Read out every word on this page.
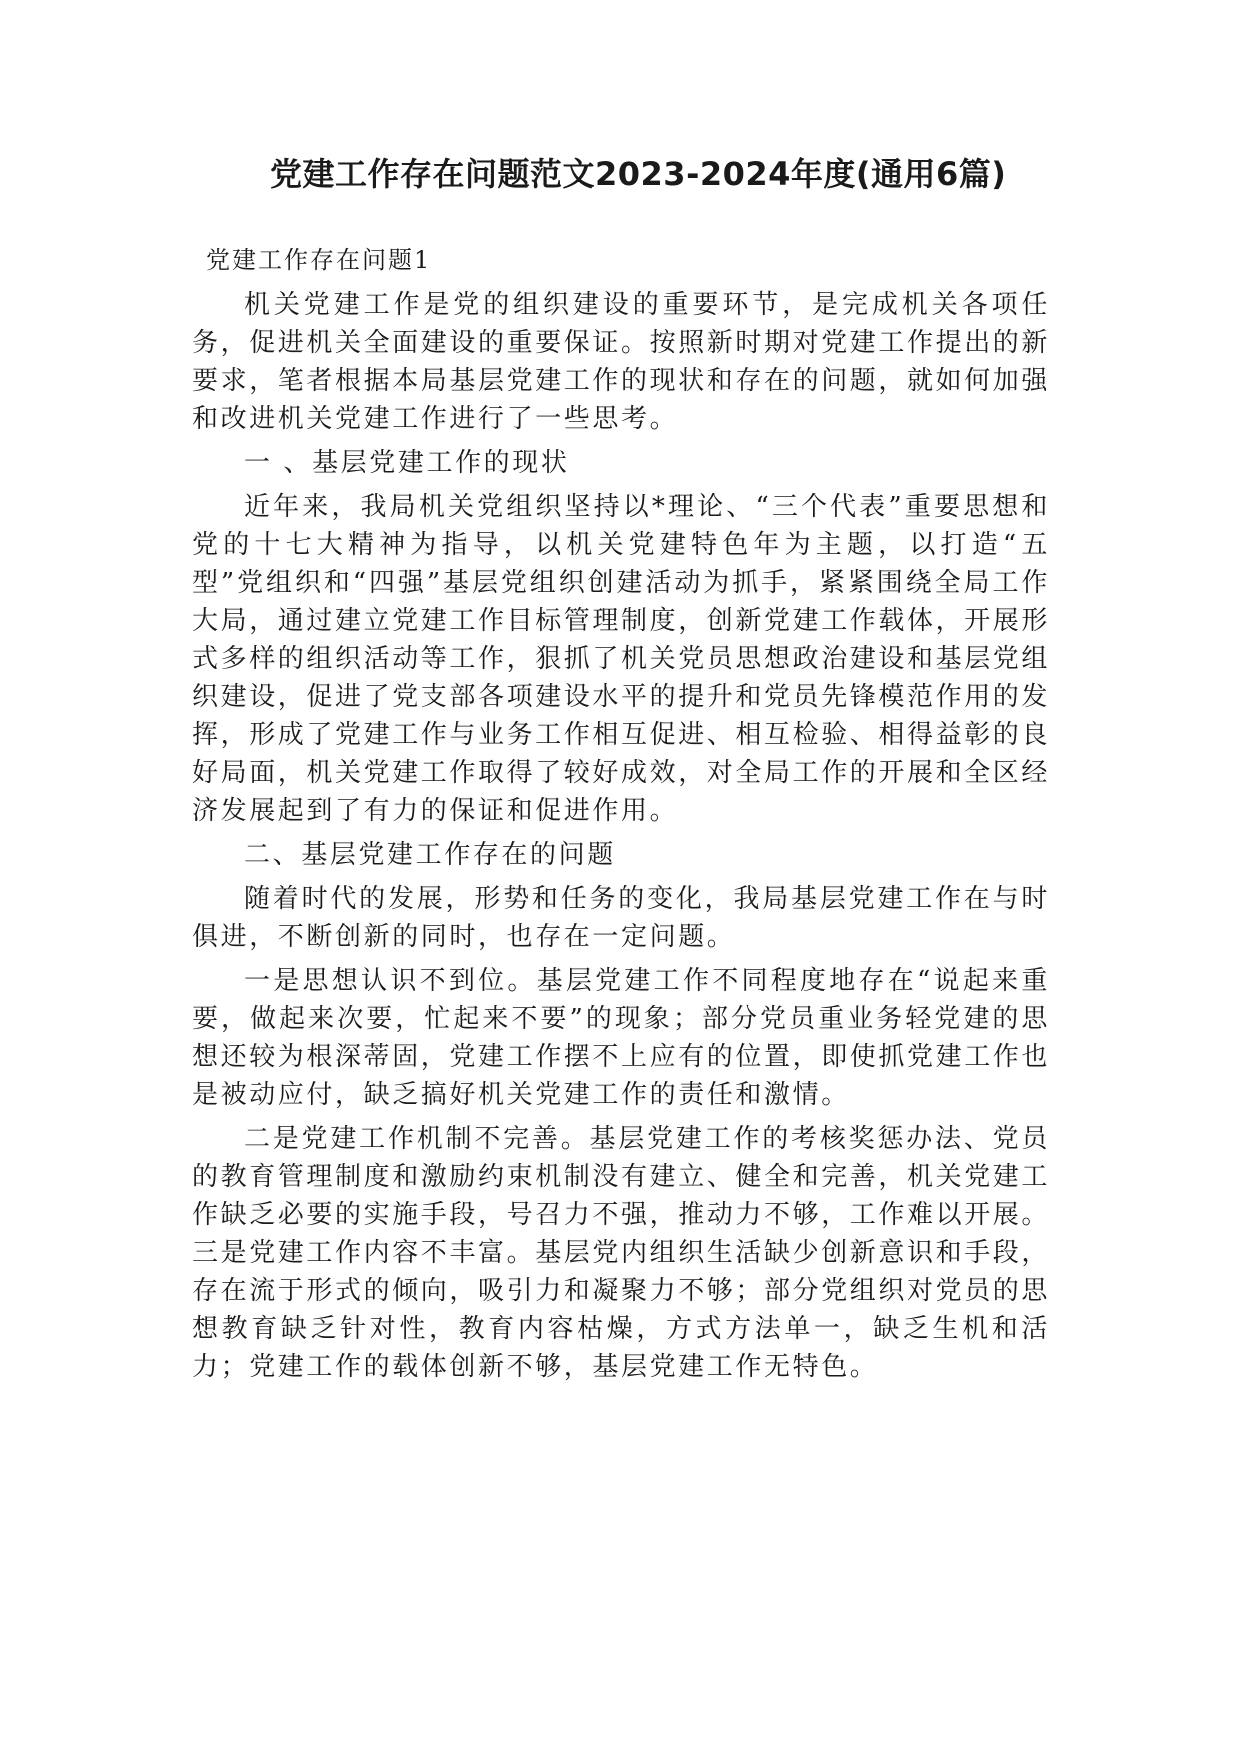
党建工作存在问题范文2023-2024年度(通用6篇)

党建工作存在问题1

机关党建工作是党的组织建设的重要环节，是完成机关各项任务，促进机关全面建设的重要保证。按照新时期对党建工作提出的新要求，笔者根据本局基层党建工作的现状和存在的问题，就如何加强和改进机关党建工作进行了一些思考。

一 、基层党建工作的现状

近年来，我局机关党组织坚持以*理论、“三个代表”重要思想和党的十七大精神为指导，以机关党建特色年为主题，以打造“五型”党组织和“四强”基层党组织创建活动为抓手，紧紧围绕全局工作大局，通过建立党建工作目标管理制度，创新党建工作载体，开展形式多样的组织活动等工作，狠抓了机关党员思想政治建设和基层党组织建设，促进了党支部各项建设水平的提升和党员先锋模范作用的发挥，形成了党建工作与业务工作相互促进、相互检验、相得益彰的良好局面，机关党建工作取得了较好成效，对全局工作的开展和全区经济发展起到了有力的保证和促进作用。

二、基层党建工作存在的问题

随着时代的发展，形势和任务的变化，我局基层党建工作在与时俱进，不断创新的同时，也存在一定问题。

一是思想认识不到位。基层党建工作不同程度地存在“说起来重要，做起来次要，忙起来不要”的现象；部分党员重业务轻党建的思想还较为根深蒂固，党建工作摆不上应有的位置，即使抓党建工作也是被动应付，缺乏搞好机关党建工作的责任和激情。

二是党建工作机制不完善。基层党建工作的考核奖惩办法、党员的教育管理制度和激励约束机制没有建立、健全和完善，机关党建工作缺乏必要的实施手段，号召力不强，推动力不够，工作难以开展。

三是党建工作内容不丰富。基层党内组织生活缺少创新意识和手段，存在流于形式的倾向，吸引力和凝聚力不够；部分党组织对党员的思想教育缺乏针对性，教育内容枯燥，方式方法单一，缺乏生机和活力；党建工作的载体创新不够，基层党建工作无特色。
